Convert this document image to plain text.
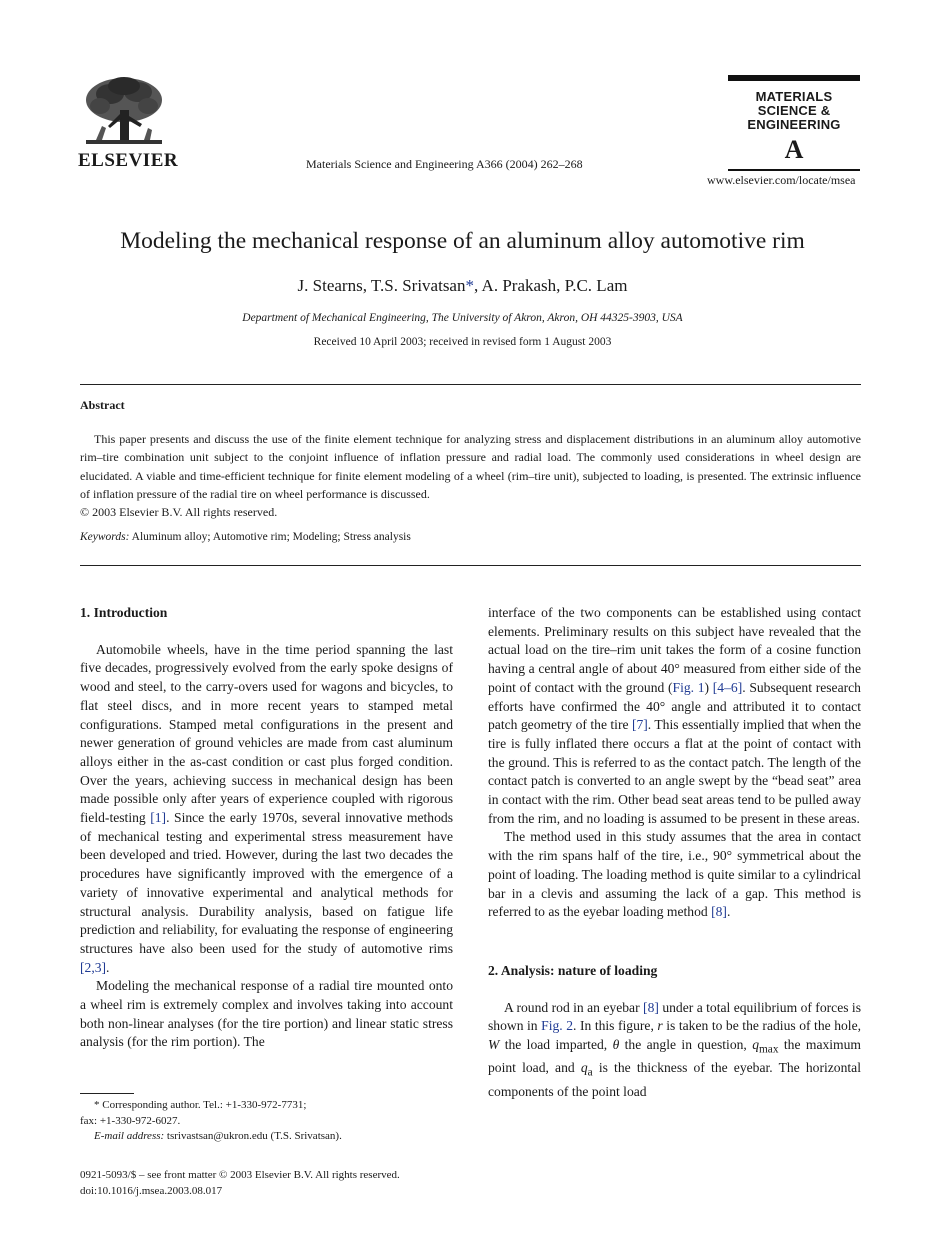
ELSEVIER	Materials Science and Engineering A366 (2004) 262–268
MATERIALS
SCIENCE &
ENGINEERING
A
www.elsevier.com/locate/msea
Modeling the mechanical response of an aluminum alloy automotive rim
J. Stearns, T.S. Srivatsan*, A. Prakash, P.C. Lam
Department of Mechanical Engineering, The University of Akron, Akron, OH 44325-3903, USA
Received 10 April 2003; received in revised form 1 August 2003
Abstract

This paper presents and discuss the use of the finite element technique for analyzing stress and displacement distributions in an aluminum alloy automotive rim–tire combination unit subject to the conjoint influence of inflation pressure and radial load. The commonly used considerations in wheel design are elucidated. A viable and time-efficient technique for finite element modeling of a wheel (rim–tire unit), subjected to loading, is presented. The extrinsic influence of inflation pressure of the radial tire on wheel performance is discussed.

© 2003 Elsevier B.V. All rights reserved.
Keywords: Aluminum alloy; Automotive rim; Modeling; Stress analysis
1. Introduction

Automobile wheels, have in the time period spanning the last five decades, progressively evolved from the early spoke designs of wood and steel, to the carry-overs used for wagons and bicycles, to flat steel discs, and in more recent years to stamped metal configurations. Stamped metal configurations in the present and newer generation of ground vehicles are made from cast aluminum alloys either in the as-cast condition or cast plus forged condition. Over the years, achieving success in mechanical design has been made possible only after years of experience coupled with rigorous field-testing [1]. Since the early 1970s, several innovative methods of mechanical testing and experimental stress measurement have been developed and tried. However, during the last two decades the procedures have significantly improved with the emergence of a variety of innovative experimental and analytical methods for structural analysis. Durability analysis, based on fatigue life prediction and reliability, for evaluating the response of engineering structures have also been used for the study of automotive rims [2,3].

Modeling the mechanical response of a radial tire mounted onto a wheel rim is extremely complex and involves taking into account both non-linear analyses (for the tire portion) and linear static stress analysis (for the rim portion). The

* Corresponding author. Tel.: +1-330-972-7731;

fax: +1-330-972-6027.

E-mail address: tsrivastsan@ukron.edu (T.S. Srivatsan).

0921-5093/$ – see front matter © 2003 Elsevier B.V. All rights reserved.
doi:10.1016/j.msea.2003.08.017

interface of the two components can be established using contact elements. Preliminary results on this subject have revealed that the actual load on the tire–rim unit takes the form of a cosine function having a central angle of about 40° measured from either side of the point of contact with the ground (Fig. 1) [4–6]. Subsequent research efforts have confirmed the 40° angle and attributed it to contact patch geometry of the tire [7]. This essentially implied that when the tire is fully inflated there occurs a flat at the point of contact with the ground. This is referred to as the contact patch. The length of the contact patch is converted to an angle swept by the “bead seat” area in contact with the rim. Other bead seat areas tend to be pulled away from the rim, and no loading is assumed to be present in these areas.

The method used in this study assumes that the area in contact with the rim spans half of the tire, i.e., 90° symmetrical about the point of loading. The loading method is quite similar to a cylindrical bar in a clevis and assuming the lack of a gap. This method is referred to as the eyebar loading method [8].

2. Analysis: nature of loading

A round rod in an eyebar [8] under a total equilibrium of forces is shown in Fig. 2. In this figure, r is taken to be the radius of the hole, W the load imparted, θ the angle in question, $q_{max}$ the maximum point load, and $q_a$ is the thickness of the eyebar. The horizontal components of the point load
